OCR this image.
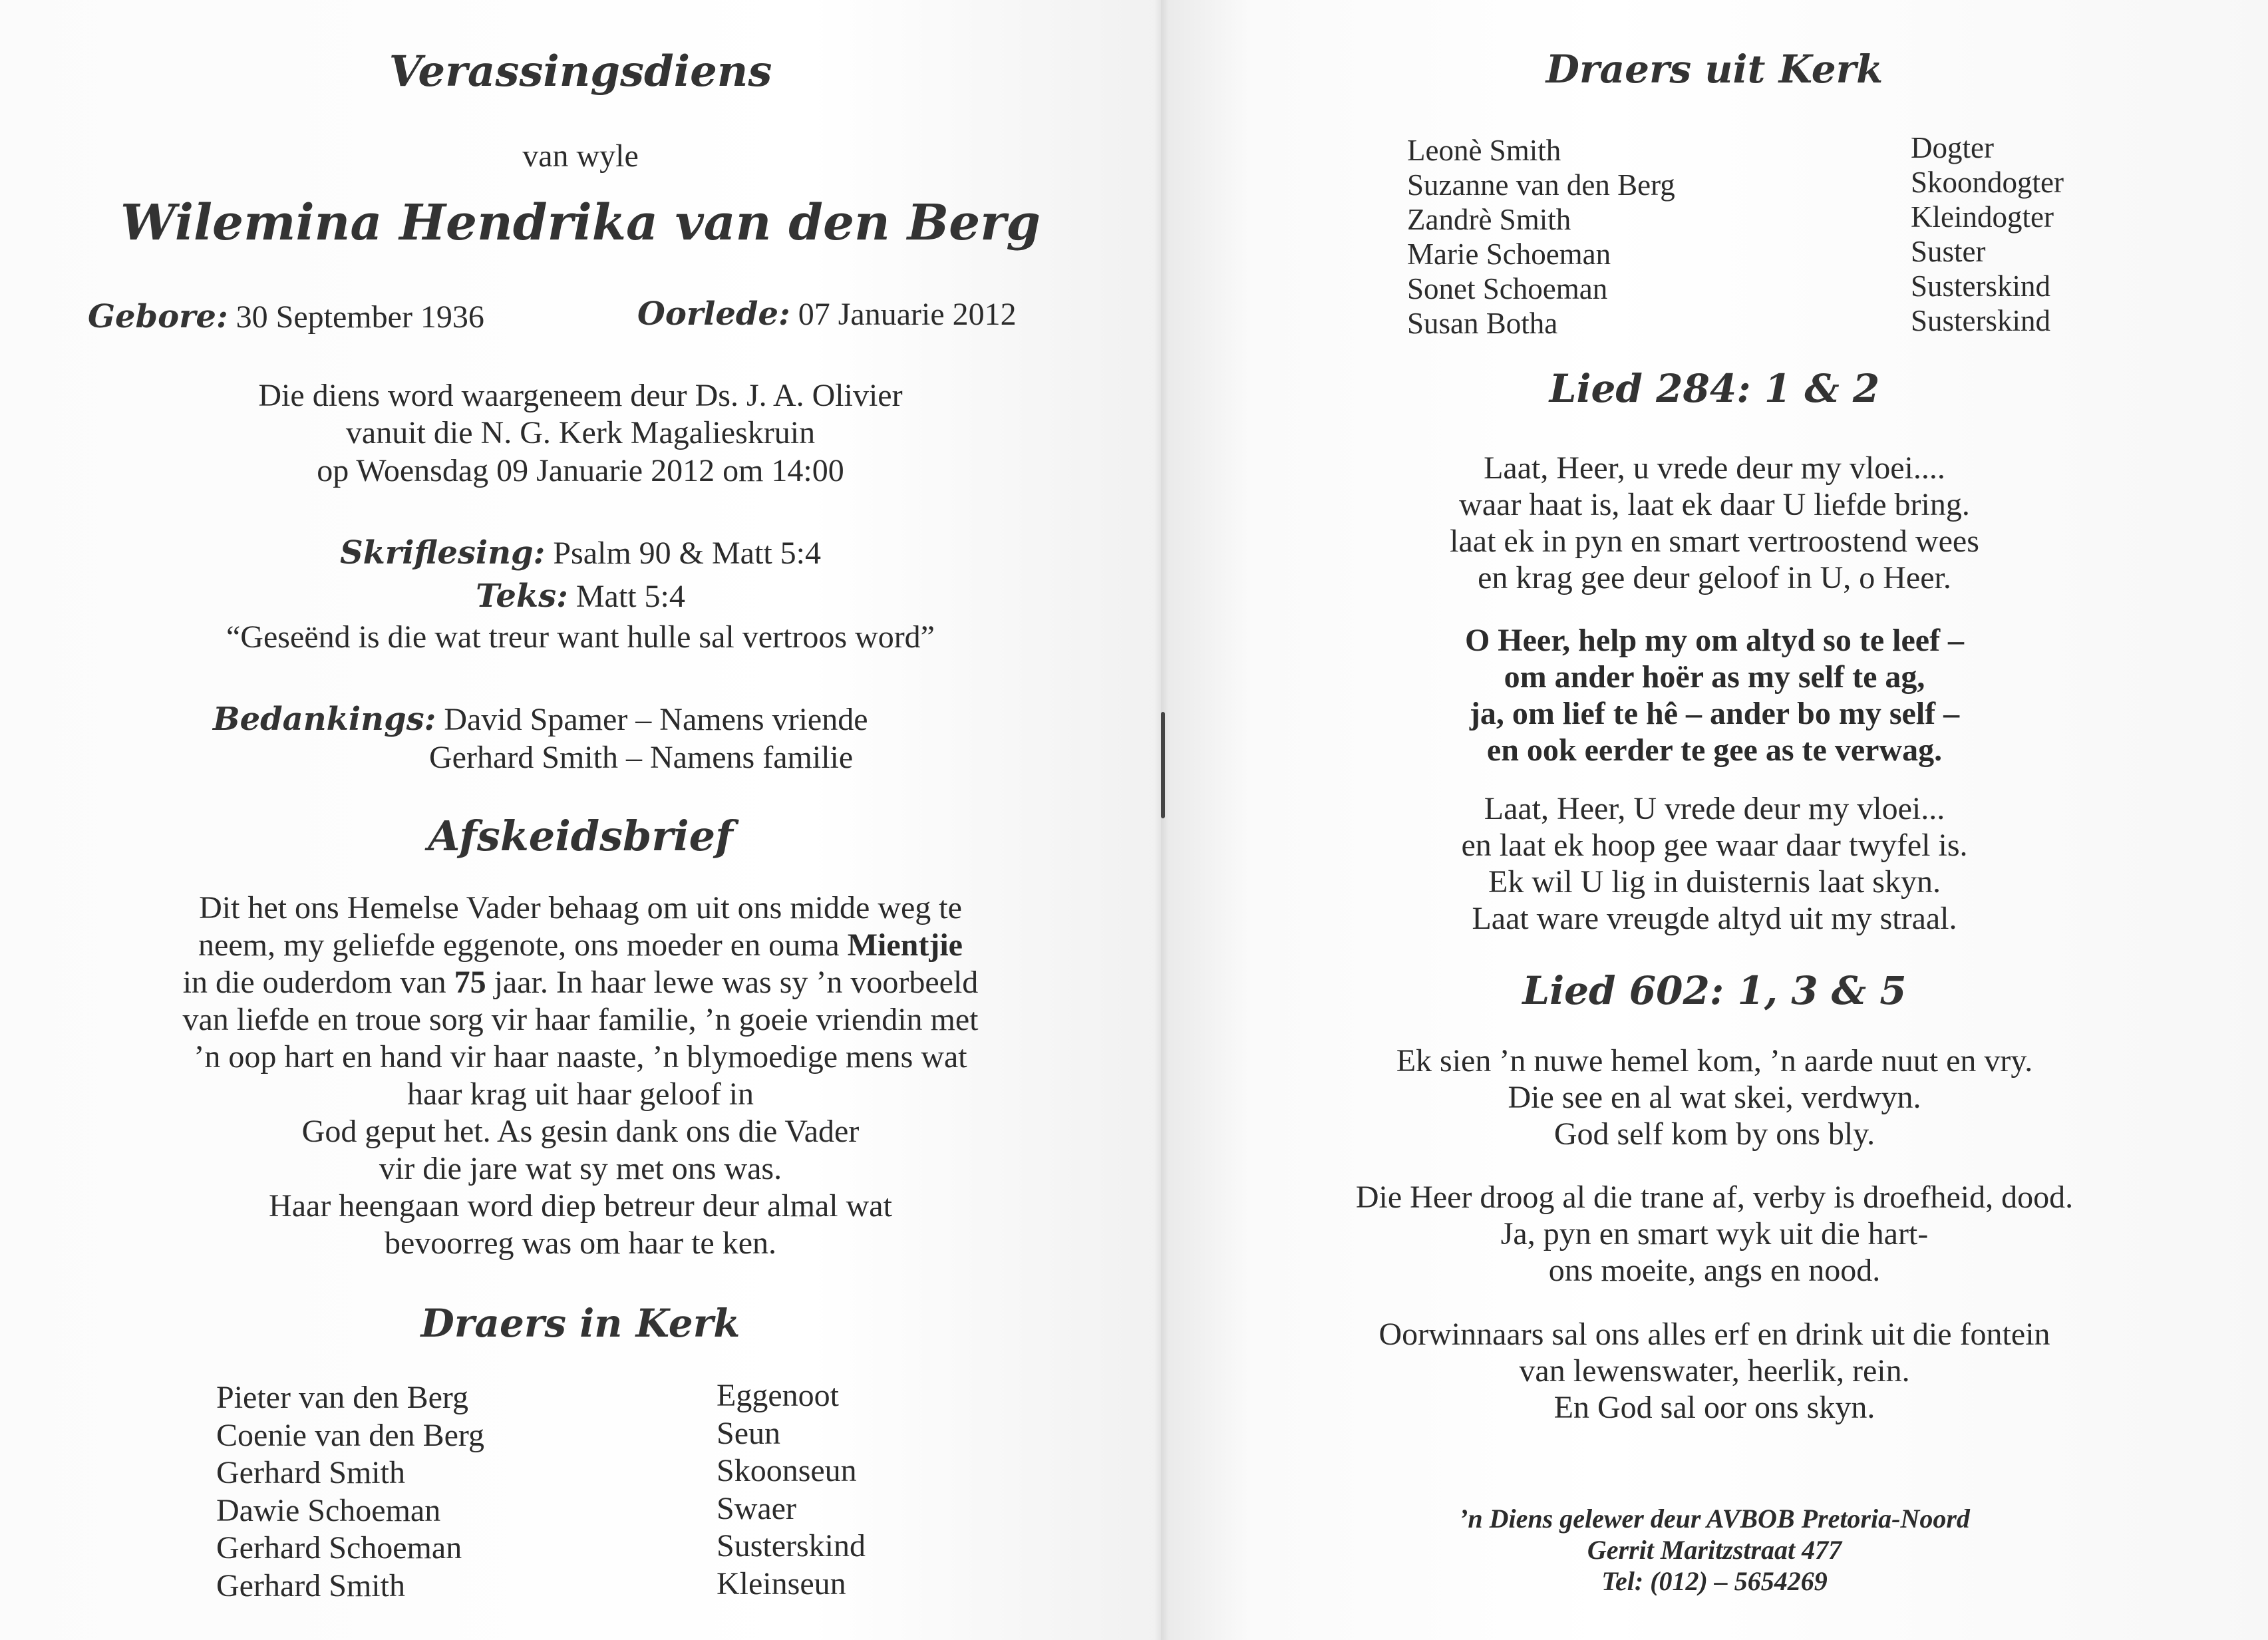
Verassingsdiens
van wyle
Wilemina Hendrika van den Berg
Gebore: 30 September 1936	Oorlede: 07 Januarie 2012
Die diens word waargeneem deur Ds. J. A. Olivier
vanuit die N. G. Kerk Magalieskruin
op Woensdag 09 Januarie 2012 om 14:00
Skriflesing: Psalm 90 & Matt 5:4
Teks: Matt 5:4
“Geseënd is die wat treur want hulle sal vertroos word”
Bedankings: David Spamer – Namens vriende
Gerhard Smith – Namens familie
Afskeidsbrief
Dit het ons Hemelse Vader behaag om uit ons midde weg te
neem, my geliefde eggenote, ons moeder en ouma Mientjie
in die ouderdom van 75 jaar. In haar lewe was sy ’n voorbeeld
van liefde en troue sorg vir haar familie, ’n goeie vriendin met
’n oop hart en hand vir haar naaste, ’n blymoedige mens wat
haar krag uit haar geloof in
God geput het. As gesin dank ons die Vader
vir die jare wat sy met ons was.
Haar heengaan word diep betreur deur almal wat
bevoorreg was om haar te ken.
Draers in Kerk
Pieter van den Berg
Coenie van den Berg
Gerhard Smith
Dawie Schoeman
Gerhard Schoeman
Gerhard Smith
Eggenoot
Seun
Skoonseun
Swaer
Susterskind
Kleinseun
Draers uit Kerk
Leonè Smith
Suzanne van den Berg
Zandrè Smith
Marie Schoeman
Sonet Schoeman
Susan Botha
Dogter
Skoondogter
Kleindogter
Suster
Susterskind
Susterskind
Lied 284: 1 & 2
Laat, Heer, u vrede deur my vloei....
waar haat is, laat ek daar U liefde bring.
laat ek in pyn en smart vertroostend wees
en krag gee deur geloof in U, o Heer.
O Heer, help my om altyd so te leef –
om ander hoër as my self te ag,
ja, om lief te hê – ander bo my self –
en ook eerder te gee as te verwag.
Laat, Heer, U vrede deur my vloei...
en laat ek hoop gee waar daar twyfel is.
Ek wil U lig in duisternis laat skyn.
Laat ware vreugde altyd uit my straal.
Lied 602: 1, 3 & 5
Ek sien ’n nuwe hemel kom, ’n aarde nuut en vry.
Die see en al wat skei, verdwyn.
God self kom by ons bly.
Die Heer droog al die trane af, verby is droefheid, dood.
Ja, pyn en smart wyk uit die hart-
ons moeite, angs en nood.
Oorwinnaars sal ons alles erf en drink uit die fontein
van lewenswater, heerlik, rein.
En God sal oor ons skyn.
’n Diens gelewer deur AVBOB Pretoria-Noord
Gerrit Maritzstraat 477
Tel: (012) – 5654269
